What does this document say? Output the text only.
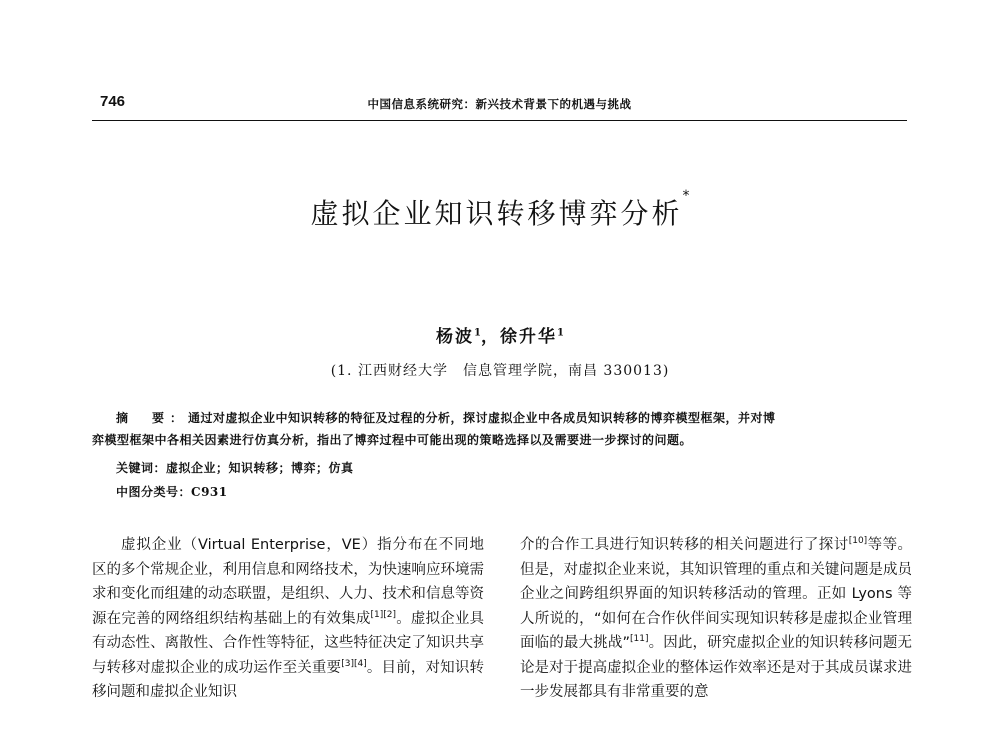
746	中国信息系统研究：新兴技术背景下的机遇与挑战
虚拟企业知识转移博弈分析*
杨波$^1$，徐升华$^1$
(1. 江西财经大学　信息管理学院，南昌 330013)
摘　要：通过对虚拟企业中知识转移的特征及过程的分析，探讨虚拟企业中各成员知识转移的博弈模型框架，并对博
弈模型框架中各相关因素进行仿真分析，指出了博弈过程中可能出现的策略选择以及需要进一步探讨的问题。
关键词：虚拟企业；知识转移；博弈；仿真
中图分类号：C931

虚拟企业（Virtual Enterprise，VE）指分布在不同地区的多个常规企业，利用信息和网络技术，为快速响应环境需求和变化而组建的动态联盟，是组织、人力、技术和信息等资源在完善的网络组织结构基础上的有效集成[1][2]。虚拟企业具有动态性、离散性、合作性等特征，这些特征决定了知识共享与转移对虚拟企业的成功运作至关重要[3][4]。目前，对知识转移问题和虚拟企业知识

介的合作工具进行知识转移的相关问题进行了探讨[10]等等。但是，对虚拟企业来说，其知识管理的重点和关键问题是成员企业之间跨组织界面的知识转移活动的管理。正如 Lyons 等人所说的，“如何在合作伙伴间实现知识转移是虚拟企业管理面临的最大挑战”[11]。因此，研究虚拟企业的知识转移问题无论是对于提高虚拟企业的整体运作效率还是对于其成员谋求进一步发展都具有非常重要的意
